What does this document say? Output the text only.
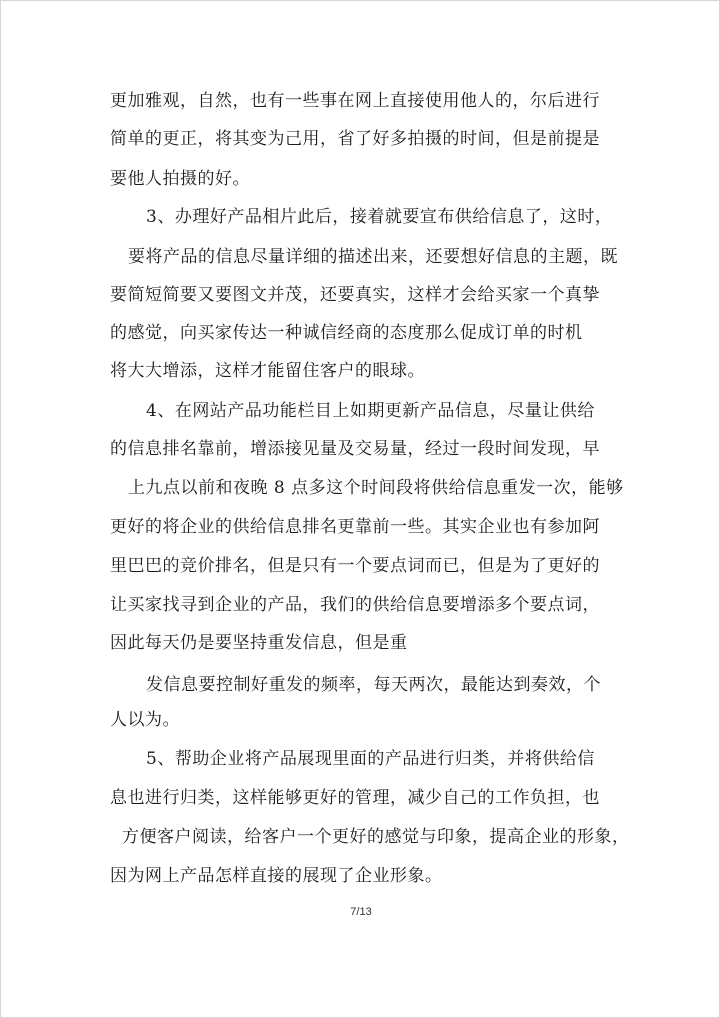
更加雅观，自然，也有一些事在网上直接使用他人的，尔后进行
简单的更正，将其变为己用，省了好多拍摄的时间，但是前提是
要他人拍摄的好。
3、办理好产品相片此后，接着就要宣布供给信息了，这时，
要将产品的信息尽量详细的描述出来，还要想好信息的主题，既
要简短简要又要图文并茂，还要真实，这样才会给买家一个真挚
的感觉，向买家传达一种诚信经商的态度那么促成订单的时机
将大大增添，这样才能留住客户的眼球。
4、在网站产品功能栏目上如期更新产品信息，尽量让供给
的信息排名靠前，增添接见量及交易量，经过一段时间发现，早
上九点以前和夜晚 8 点多这个时间段将供给信息重发一次，能够
更好的将企业的供给信息排名更靠前一些。其实企业也有参加阿
里巴巴的竞价排名，但是只有一个要点词而已，但是为了更好的
让买家找寻到企业的产品，我们的供给信息要增添多个要点词，
因此每天仍是要坚持重发信息，但是重
发信息要控制好重发的频率，每天两次，最能达到奏效，个
人以为。
5、帮助企业将产品展现里面的产品进行归类，并将供给信
息也进行归类，这样能够更好的管理，减少自己的工作负担，也
方便客户阅读，给客户一个更好的感觉与印象，提高企业的形象，
因为网上产品怎样直接的展现了企业形象。
7/13
